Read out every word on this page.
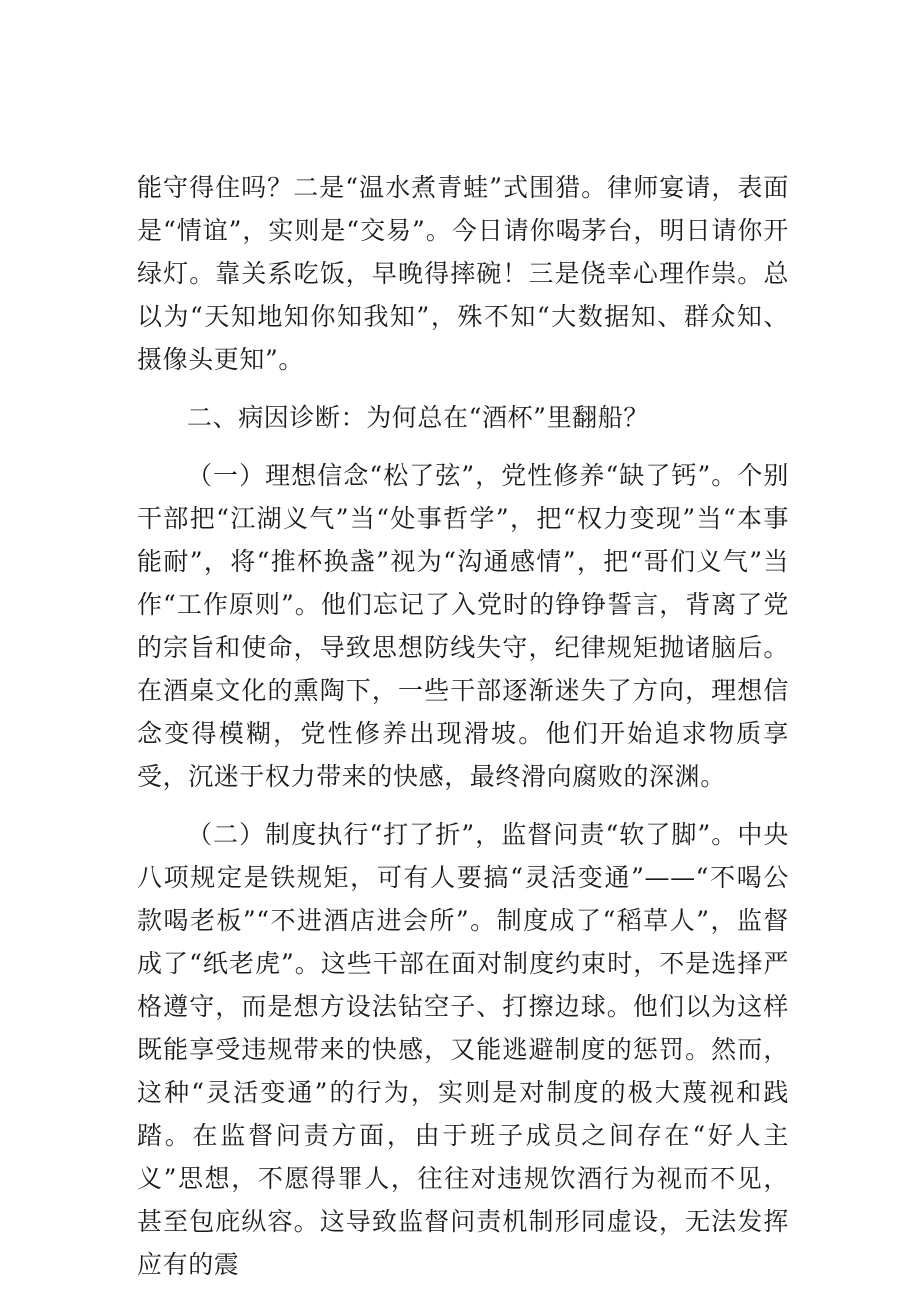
能守得住吗？二是“温水煮青蛙”式围猎。律师宴请，表面是“情谊”，实则是“交易”。今日请你喝茅台，明日请你开绿灯。靠关系吃饭，早晚得摔碗！三是侥幸心理作祟。总以为“天知地知你知我知”，殊不知“大数据知、群众知、摄像头更知”。

二、病因诊断：为何总在“酒杯”里翻船？

（一）理想信念“松了弦”，党性修养“缺了钙”。个别干部把“江湖义气”当“处事哲学”，把“权力变现”当“本事能耐”，将“推杯换盏”视为“沟通感情”，把“哥们义气”当作“工作原则”。他们忘记了入党时的铮铮誓言，背离了党的宗旨和使命，导致思想防线失守，纪律规矩抛诸脑后。在酒桌文化的熏陶下，一些干部逐渐迷失了方向，理想信念变得模糊，党性修养出现滑坡。他们开始追求物质享受，沉迷于权力带来的快感，最终滑向腐败的深渊。

（二）制度执行“打了折”，监督问责“软了脚”。中央八项规定是铁规矩，可有人要搞“灵活变通”——“不喝公款喝老板”“不进酒店进会所”。制度成了“稻草人”，监督成了“纸老虎”。这些干部在面对制度约束时，不是选择严格遵守，而是想方设法钻空子、打擦边球。他们以为这样既能享受违规带来的快感，又能逃避制度的惩罚。然而，这种“灵活变通”的行为，实则是对制度的极大蔑视和践踏。在监督问责方面，由于班子成员之间存在“好人主义”思想，不愿得罪人，往往对违规饮酒行为视而不见，甚至包庇纵容。这导致监督问责机制形同虚设，无法发挥应有的震
